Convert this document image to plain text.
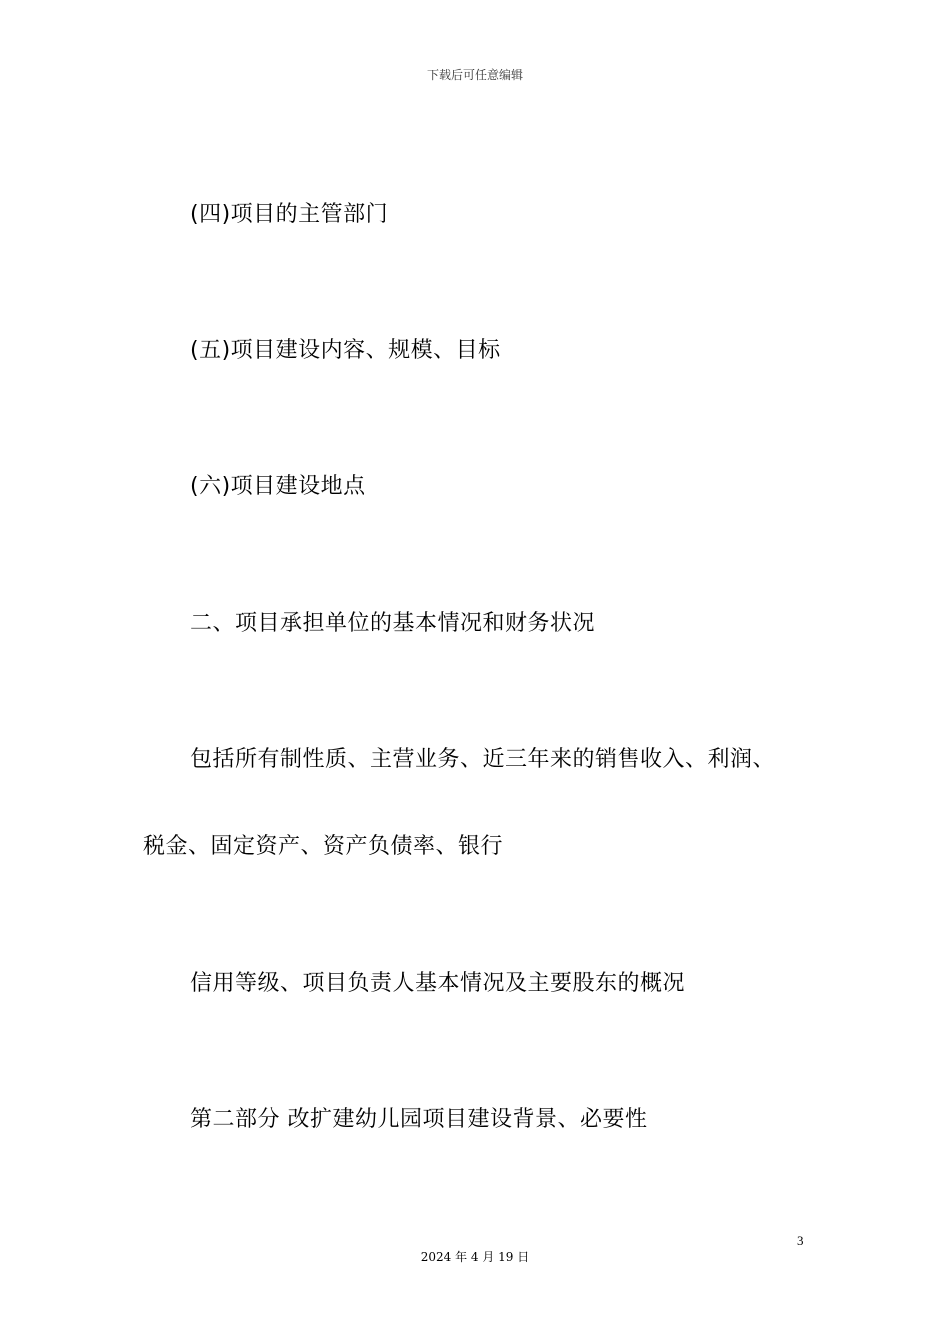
下载后可任意编辑
(四)项目的主管部门
(五)项目建设内容、规模、目标
(六)项目建设地点
二、项目承担单位的基本情况和财务状况
包括所有制性质、主营业务、近三年来的销售收入、利润、
税金、固定资产、资产负债率、银行
信用等级、项目负责人基本情况及主要股东的概况
第二部分 改扩建幼儿园项目建设背景、必要性
3
2024 年 4 月 19 日
